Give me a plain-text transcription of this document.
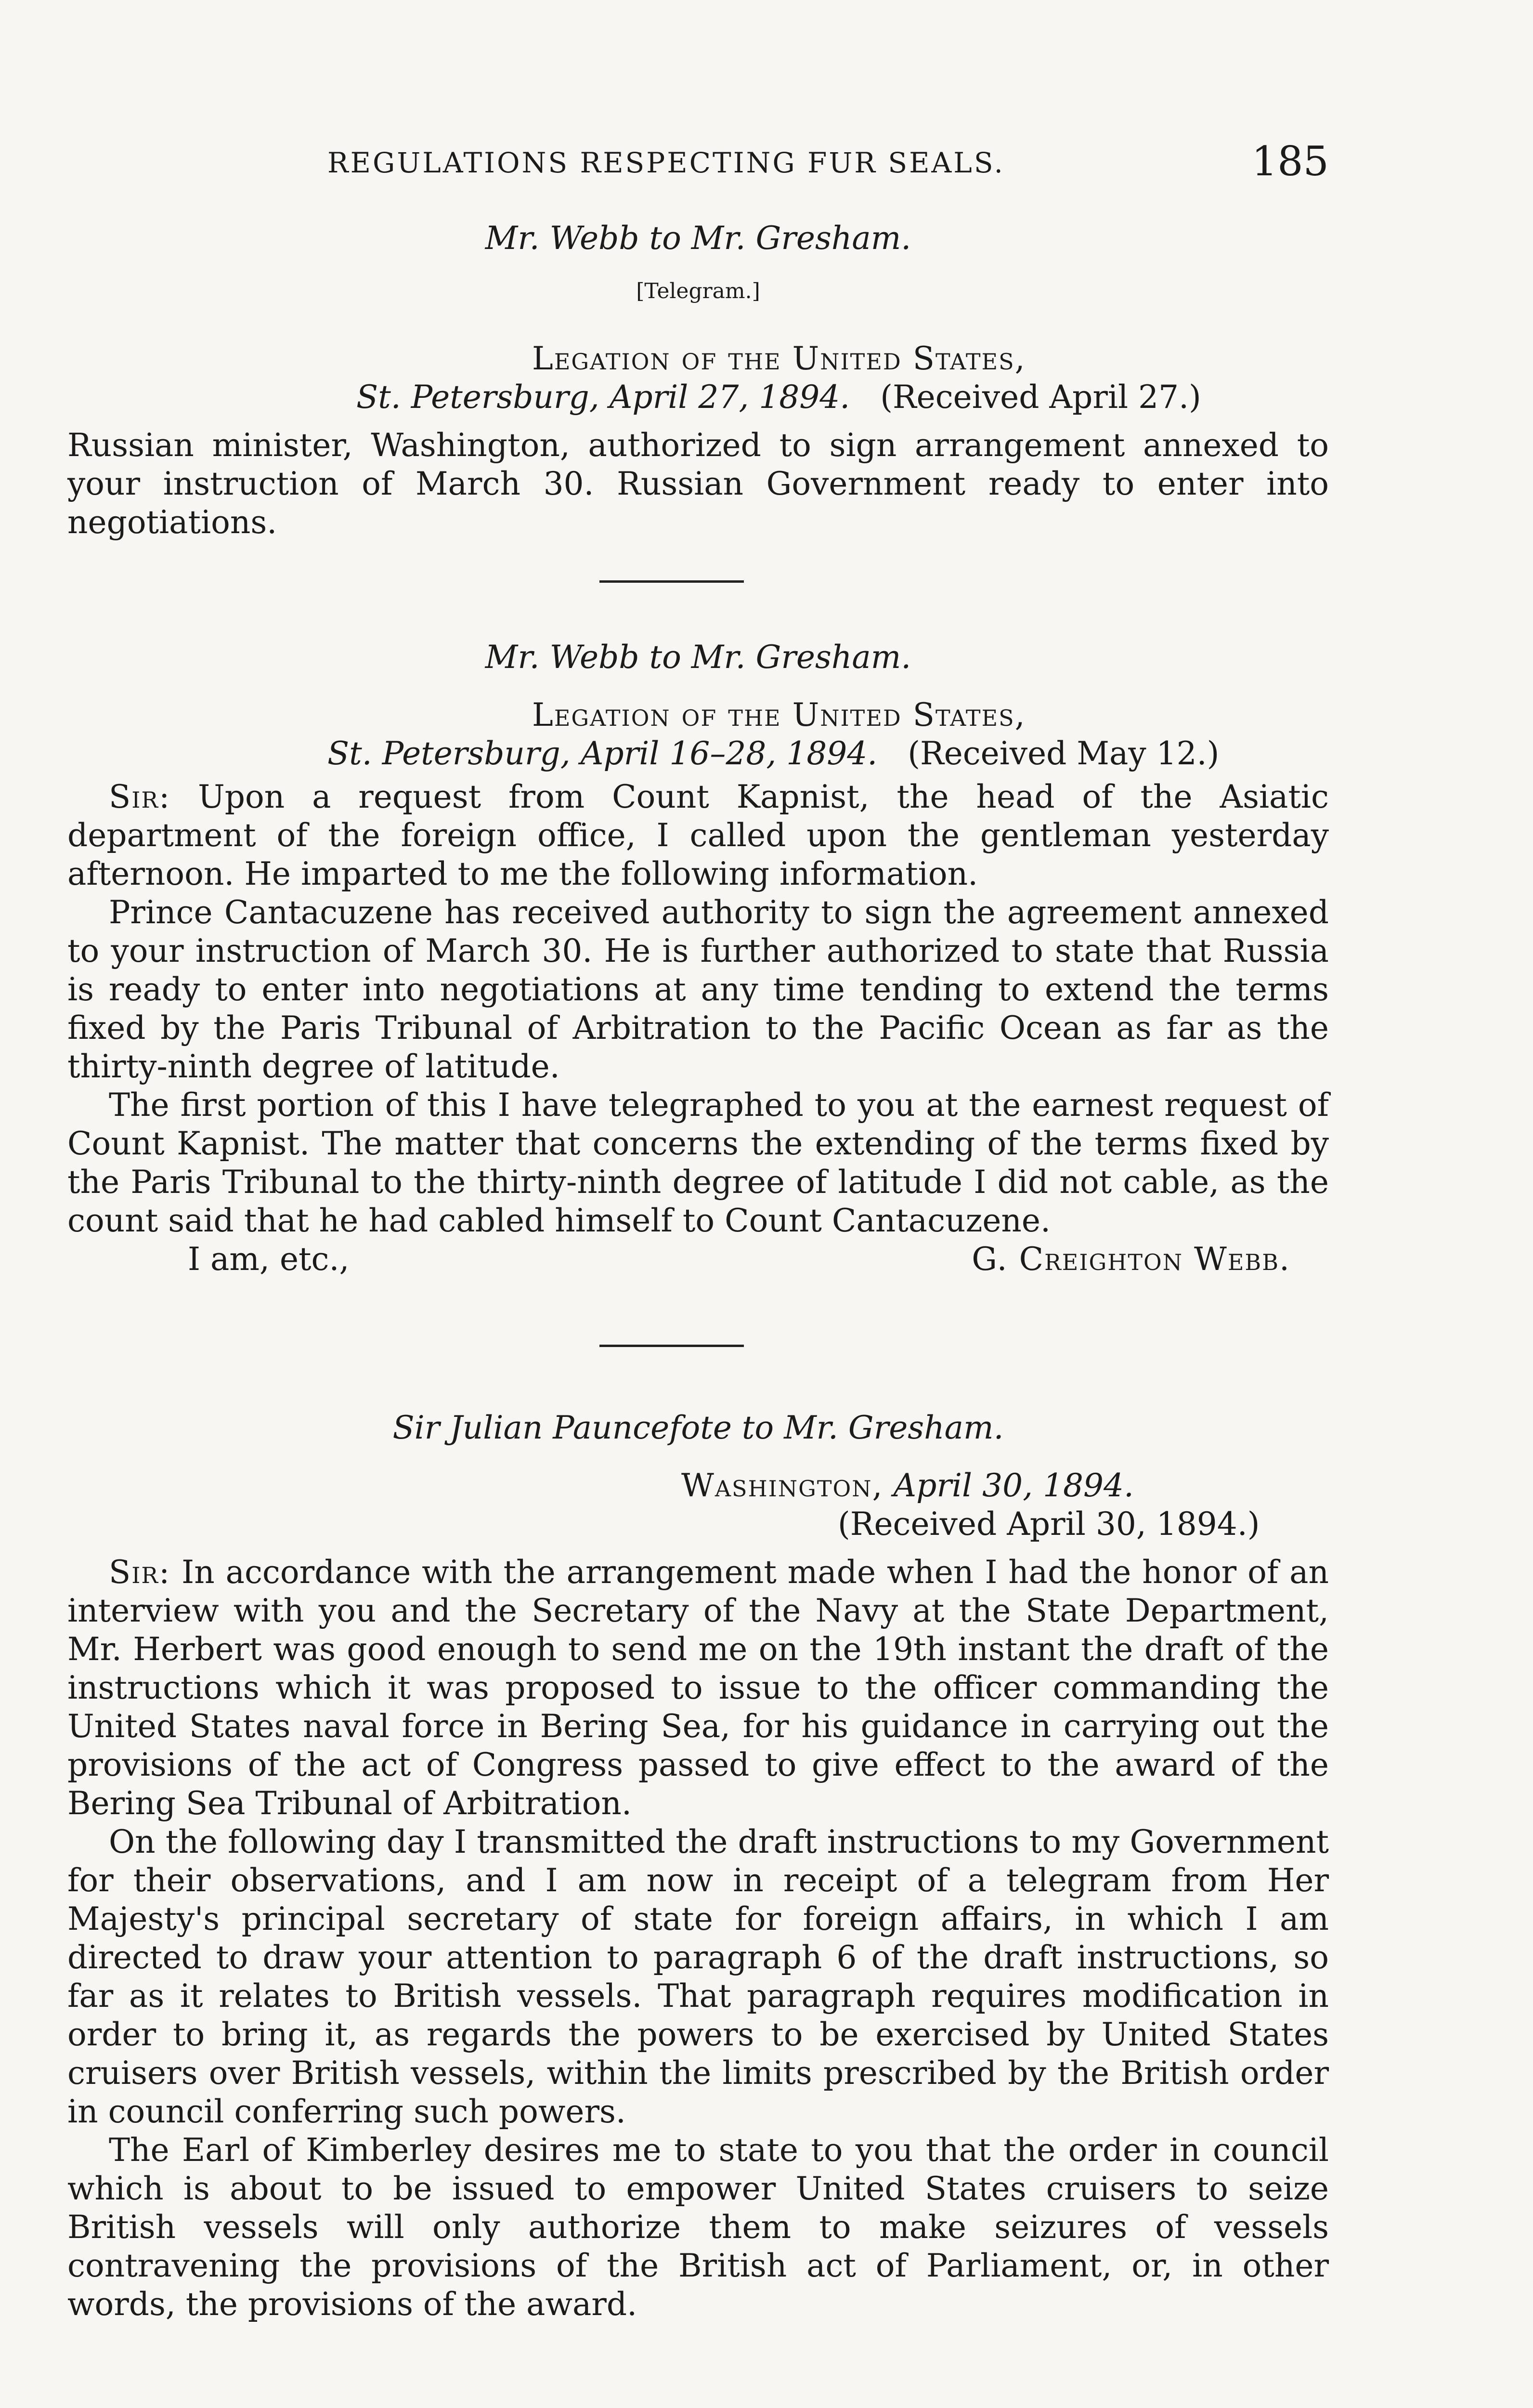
REGULATIONS RESPECTING FUR SEALS.	185
Mr. Webb to Mr. Gresham.
[Telegram.]
Legation of the United States,
St. Petersburg, April 27, 1894. (Received April 27.)

Russian minister, Washington, authorized to sign arrangement annexed to your instruction of March 30. Russian Government ready to enter into negotiations.

Mr. Webb to Mr. Gresham.
Legation of the United States,
St. Petersburg, April 16–28, 1894. (Received May 12.)

Sir: Upon a request from Count Kapnist, the head of the Asiatic department of the foreign office, I called upon the gentleman yesterday afternoon. He imparted to me the following information.

Prince Cantacuzene has received authority to sign the agreement annexed to your instruction of March 30. He is further authorized to state that Russia is ready to enter into negotiations at any time tending to extend the terms fixed by the Paris Tribunal of Arbitration to the Pacific Ocean as far as the thirty-ninth degree of latitude.

The first portion of this I have telegraphed to you at the earnest request of Count Kapnist. The matter that concerns the extending of the terms fixed by the Paris Tribunal to the thirty-ninth degree of latitude I did not cable, as the count said that he had cabled himself to Count Cantacuzene.

I am, etc.,	G. Creighton Webb.
Sir Julian Pauncefote to Mr. Gresham.
Washington, April 30, 1894.
(Received April 30, 1894.)

Sir: In accordance with the arrangement made when I had the honor of an interview with you and the Secretary of the Navy at the State Department, Mr. Herbert was good enough to send me on the 19th instant the draft of the instructions which it was proposed to issue to the officer commanding the United States naval force in Bering Sea, for his guidance in carrying out the provisions of the act of Congress passed to give effect to the award of the Bering Sea Tribunal of Arbitration.

On the following day I transmitted the draft instructions to my Government for their observations, and I am now in receipt of a telegram from Her Majesty's principal secretary of state for foreign affairs, in which I am directed to draw your attention to paragraph 6 of the draft instructions, so far as it relates to British vessels. That paragraph requires modification in order to bring it, as regards the powers to be exercised by United States cruisers over British vessels, within the limits prescribed by the British order in council conferring such powers.

The Earl of Kimberley desires me to state to you that the order in council which is about to be issued to empower United States cruisers to seize British vessels will only authorize them to make seizures of vessels contravening the provisions of the British act of Parliament, or, in other words, the provisions of the award.
